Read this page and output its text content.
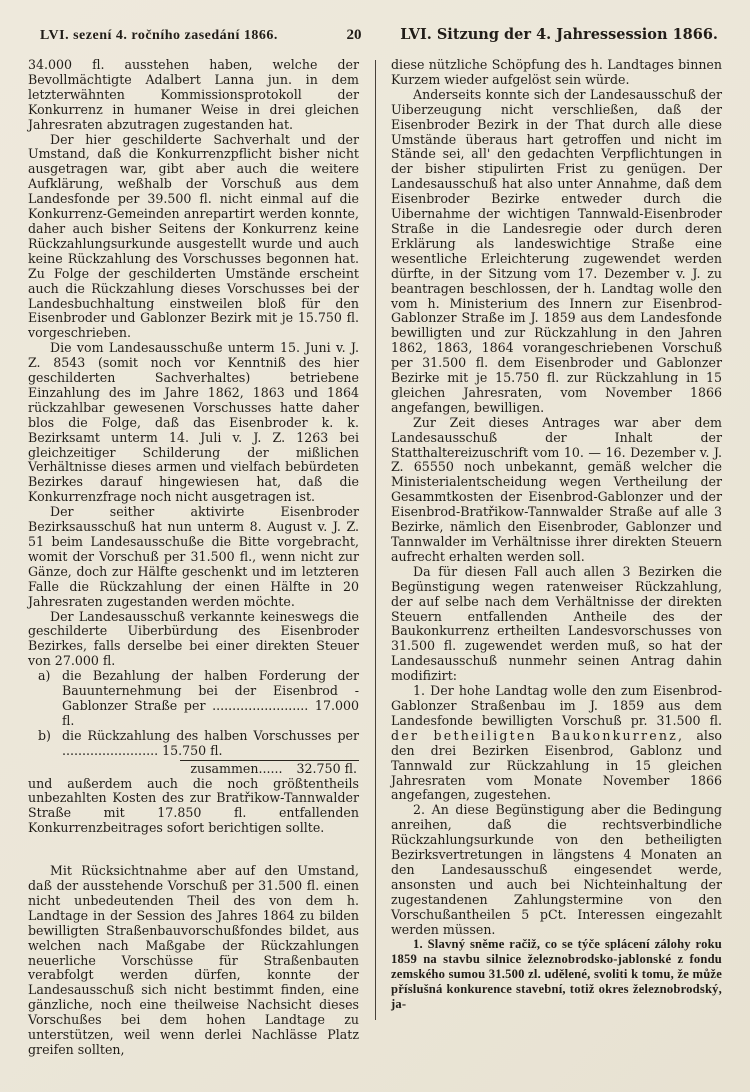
LVI. sezení 4. ročního zasedání 1866.	20	LVI. Sitzung der 4. Jahressession 1866.

34.000 fl. ausstehen haben, welche der Bevollmächtigte Adalbert Lanna jun. in dem letzterwähnten Kommissionsprotokoll der Konkurrenz in humaner Weise in drei gleichen Jahresraten abzutragen zugestanden hat.

Der hier geschilderte Sachverhalt und der Umstand, daß die Konkurrenzpflicht bisher nicht ausgetragen war, gibt aber auch die weitere Aufklärung, weßhalb der Vorschuß aus dem Landesfonde per 39.500 fl. nicht einmal auf die Konkurrenz-Gemeinden anrepartirt werden konnte, daher auch bisher Seitens der Konkurrenz keine Rückzahlungsurkunde ausgestellt wurde und auch keine Rückzahlung des Vorschusses begonnen hat. Zu Folge der geschilderten Umstände erscheint auch die Rückzahlung dieses Vorschusses bei der Landesbuchhaltung einstweilen bloß für den Eisenbroder und Gablonzer Bezirk mit je 15.750 fl. vorgeschrieben.

Die vom Landesausschuße unterm 15. Juni v. J. Z. 8543 (somit noch vor Kenntniß des hier geschilderten Sachverhaltes) betriebene Einzahlung des im Jahre 1862, 1863 und 1864 rückzahlbar gewesenen Vorschusses hatte daher blos die Folge, daß das Eisenbroder k. k. Bezirksamt unterm 14. Juli v. J. Z. 1263 bei gleichzeitiger Schilderung der mißlichen Verhältnisse dieses armen und vielfach bebürdeten Bezirkes darauf hingewiesen hat, daß die Konkurrenzfrage noch nicht ausgetragen ist.

Der seither aktivirte Eisenbroder Bezirksausschuß hat nun unterm 8. August v. J. Z. 51 beim Landesausschuße die Bitte vorgebracht, womit der Vorschuß per 31.500 fl., wenn nicht zur Gänze, doch zur Hälfte geschenkt und im letzteren Falle die Rückzahlung der einen Hälfte in 20 Jahresraten zugestanden werden möchte.

Der Landesausschuß verkannte keineswegs die geschilderte Uiberbürdung des Eisenbroder Bezirkes, falls derselbe bei einer direkten Steuer von 27.000 fl.

a) die Bezahlung der halben Forderung der Bauunternehmung bei der Eisenbrod - Gablonzer Straße per ........................ 17.000 fl.

b) die Rückzahlung des halben Vorschusses per ........................ 15.750 fl.

zusammen...... 32.750 fl.

und außerdem auch die noch größtentheils unbezahlten Kosten des zur Bratřikow-Tannwalder Straße mit 17.850 fl. entfallenden Konkurrenzbeitrages sofort berichtigen sollte.

Mit Rücksichtnahme aber auf den Umstand, daß der ausstehende Vorschuß per 31.500 fl. einen nicht unbedeutenden Theil des von dem h. Landtage in der Session des Jahres 1864 zu bilden bewilligten Straßenbauvorschußfondes bildet, aus welchen nach Maßgabe der Rückzahlungen neuerliche Vorschüsse für Straßenbauten verabfolgt werden dürfen, konnte der Landesausschuß sich nicht bestimmt finden, eine gänzliche, noch eine theilweise Nachsicht dieses Vorschußes bei dem hohen Landtage zu unterstützen, weil wenn derlei Nachlässe Platz greifen sollten,

diese nützliche Schöpfung des h. Landtages binnen Kurzem wieder aufgelöst sein würde.

Anderseits konnte sich der Landesausschuß der Uiberzeugung nicht verschließen, daß der Eisenbroder Bezirk in der That durch alle diese Umstände überaus hart getroffen und nicht im Stände sei, all' den gedachten Verpflichtungen in der bisher stipulirten Frist zu genügen. Der Landesausschuß hat also unter Annahme, daß dem Eisenbroder Bezirke entweder durch die Uibernahme der wichtigen Tannwald-Eisenbroder Straße in die Landesregie oder durch deren Erklärung als landeswichtige Straße eine wesentliche Erleichterung zugewendet werden dürfte, in der Sitzung vom 17. Dezember v. J. zu beantragen beschlossen, der h. Landtag wolle den vom h. Ministerium des Innern zur Eisenbrod-Gablonzer Straße im J. 1859 aus dem Landesfonde bewilligten und zur Rückzahlung in den Jahren 1862, 1863, 1864 vorangeschriebenen Vorschuß per 31.500 fl. dem Eisenbroder und Gablonzer Bezirke mit je 15.750 fl. zur Rückzahlung in 15 gleichen Jahresraten, vom November 1866 angefangen, bewilligen.

Zur Zeit dieses Antrages war aber dem Landesausschuß der Inhalt der Statthaltereizuschrift vom 10. — 16. Dezember v. J. Z. 65550 noch unbekannt, gemäß welcher die Ministerialentscheidung wegen Vertheilung der Gesammtkosten der Eisenbrod-Gablonzer und der Eisenbrod-Bratřikow-Tannwalder Straße auf alle 3 Bezirke, nämlich den Eisenbroder, Gablonzer und Tannwalder im Verhältnisse ihrer direkten Steuern aufrecht erhalten werden soll.

Da für diesen Fall auch allen 3 Bezirken die Begünstigung wegen ratenweiser Rückzahlung, der auf selbe nach dem Verhältnisse der direkten Steuern entfallenden Antheile des der Baukonkurrenz ertheilten Landesvorschusses von 31.500 fl. zugewendet werden muß, so hat der Landesausschuß nunmehr seinen Antrag dahin modifizirt:

1. Der hohe Landtag wolle den zum Eisenbrod-Gablonzer Straßenbau im J. 1859 aus dem Landesfonde bewilligten Vorschuß pr. 31.500 fl. der betheiligten Baukonkurrenz, also den drei Bezirken Eisenbrod, Gablonz und Tannwald zur Rückzahlung in 15 gleichen Jahresraten vom Monate November 1866 angefangen, zugestehen.

2. An diese Begünstigung aber die Bedingung anreihen, daß die rechtsverbindliche Rückzahlungsurkunde von den betheiligten Bezirksvertretungen in längstens 4 Monaten an den Landesausschuß eingesendet werde, ansonsten und auch bei Nichteinhaltung der zugestandenen Zahlungstermine von den Vorschußantheilen 5 pCt. Interessen eingezahlt werden müssen.

1. Slavný sněme račiž, co se týče splácení zálohy roku 1859 na stavbu silnice železnobrodsko-jablonské z fondu zemského sumou 31.500 zl. udělené, svoliti k tomu, že může příslušná konkurence stavební, totiž okres železnobrodský, ja-
